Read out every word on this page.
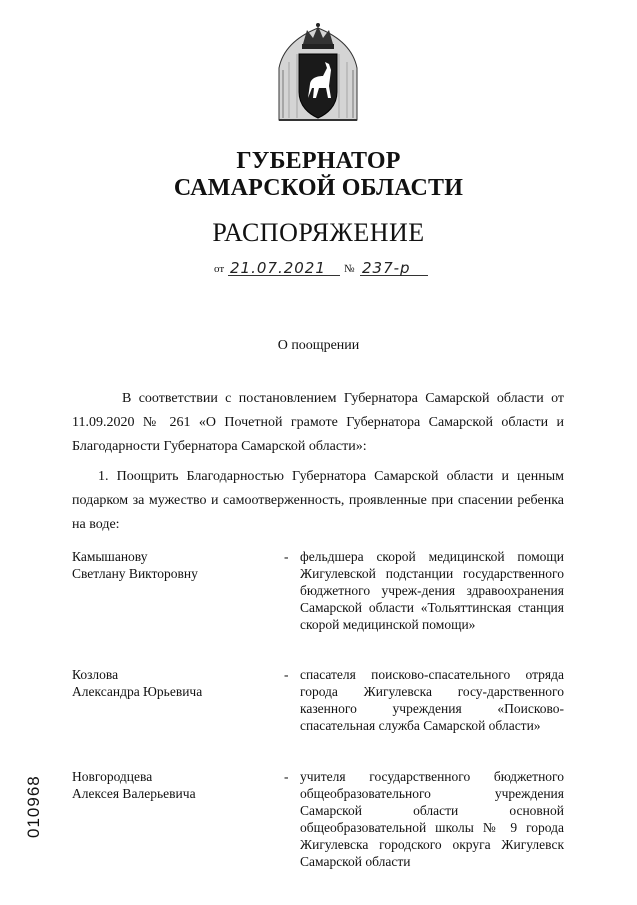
ГУБЕРНАТОР
САМАРСКОЙ ОБЛАСТИ
РАСПОРЯЖЕНИЕ
от 21.07.2021 № 237-р
О поощрении
В соответствии с постановлением Губернатора Самарской области от 11.09.2020 № 261 «О Почетной грамоте Губернатора Самарской области и Благодарности Губернатора Самарской области»:
1. Поощрить Благодарностью Губернатора Самарской области и ценным подарком за мужество и самоотверженность, проявленные при спасении ребенка на воде:
Камышанову
Светлану Викторовну
- фельдшера скорой медицинской помощи Жигулевской подстанции государственного бюджетного учреж-дения здравоохранения Самарской области «Тольяттинская станция скорой медицинской помощи»
Козлова
Александра Юрьевича
- спасателя поисково-спасательного отряда города Жигулевска госу-дарственного казенного учреждения «Поисково-спасательная служба Самарской области»
Новгородцева
Алексея Валерьевича
- учителя государственного бюджетного общеобразовательного учреждения Самарской области основной общеобразовательной школы № 9 города Жигулевска городского округа Жигулевск Самарской области
010968
